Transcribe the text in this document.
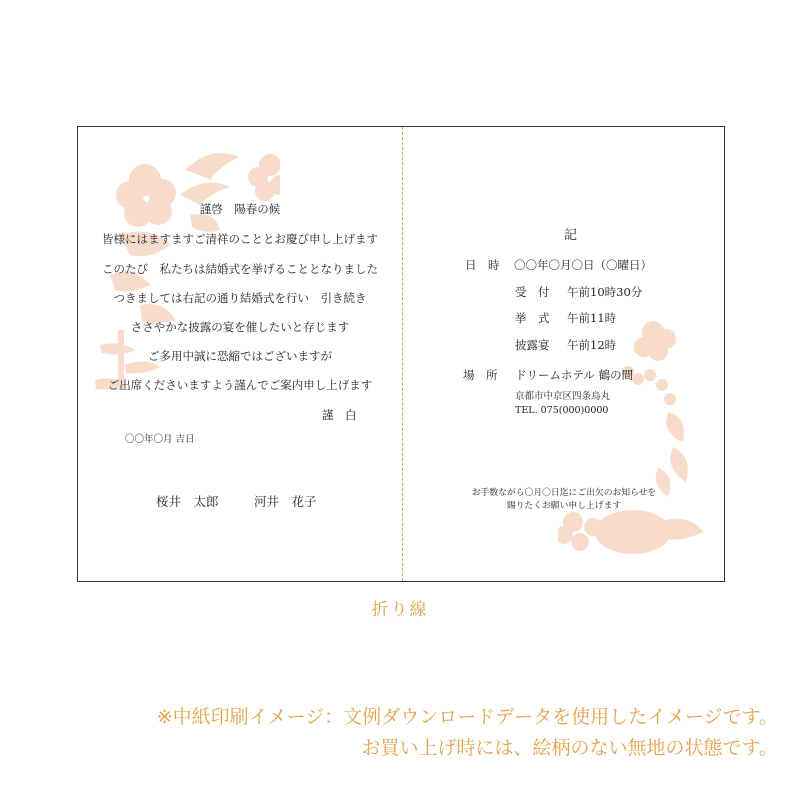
謹啓　陽春の候
皆様にはますますご清祥のこととお慶び申し上げます
このたび　私たちは結婚式を挙げることとなりました
つきましては右記の通り結婚式を行い　引き続き
ささやかな披露の宴を催したいと存じます
ご多用中誠に恐縮ではございますが
ご出席くださいますよう謹んでご案内申し上げます
謹　白
〇〇年〇月 吉日
桜井　太郎	河井　花子
記
日　時 〇〇年〇月〇日（〇曜日）
受　付 午前10時30分
挙　式 午前11時
披露宴 午前12時
場　所 ドリームホテル 鶴の間
京都市中京区四条烏丸
TEL. 075(000)0000
お手数ながら〇月〇日迄にご出欠のお知らせを
賜りたくお願い申し上げます
折り線
※中紙印刷イメージ：文例ダウンロードデータを使用したイメージです。
お買い上げ時には、絵柄のない無地の状態です。
